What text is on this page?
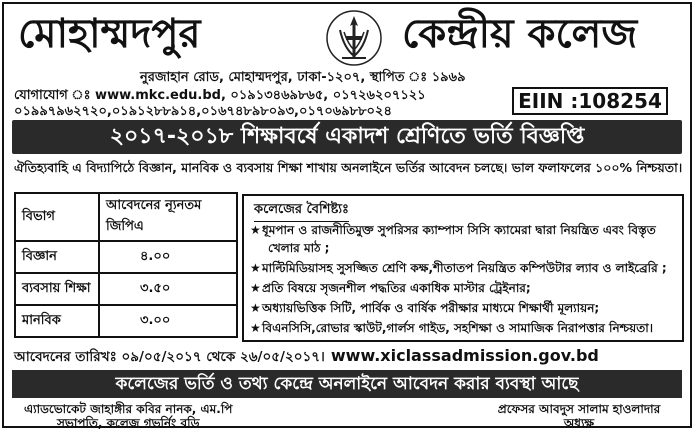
মোহাম্মদপুর	কেন্দ্রীয় কলেজ
নুরজাহান রোড, মোহাম্মদপুর, ঢাকা-১২০৭, স্থাপিত ঃ ১৯৬৯
যোগাযোগ ঃ www.mkc.edu.bd, ০১৯১৩৪৬৯৮৬৫, ০১৭২৬২০৭১২১
০১৯৯৭৯৬২৭২০,০১৯১২৮৮৯১৪,০১৬৭৪৮৯৮০৯৩,০১৭০৬৯৮৮০২৪	EIIN :108254
২০১৭-২০১৮ শিক্ষাবর্ষে একাদশ শ্রেণিতে ভর্তি বিজ্ঞপ্তি
ঐতিহ্যবাহি এ বিদ্যাপিঠে বিজ্ঞান, মানবিক ও ব্যবসায় শিক্ষা শাখায় অনলাইনে ভর্তির আবেদন চলছে। ভাল ফলাফলের ১০০% নিশ্চয়তা।
বিভাগ	আবেদনের ন্যূনতম জিপিএ
বিজ্ঞান	৪.০০
ব্যবসায় শিক্ষা	৩.৫০
মানবিক	৩.০০
কলেজের বৈশিষ্ট্যঃ
★ধূমপান ও রাজনীতিমুক্ত সুপরিসর ক্যাম্পাস সিসি ক্যামেরা দ্বারা নিয়ন্ত্রিত এবং বিস্তৃত
খেলার মাঠ ;
★মাল্টিমিডিয়াসহ সুসজ্জিত শ্রেণি কক্ষ,শীতাতপ নিয়ন্ত্রিত কম্পিউটার ল্যাব ও লাইব্রেরি ;
★প্রতি বিষয়ে সৃজনশীল পদ্ধতির একাধিক মাস্টার ট্রেইনার;
★অধ্যায়ভিত্তিক সিটি, পার্বিক ও বার্ষিক পরীক্ষার মাধ্যমে শিক্ষার্থী মূল্যায়ন;
★বিএনসিসি,রোভার স্কাউট,গার্লস গাইড, সহশিক্ষা ও সামাজিক নিরাপত্তার নিশ্চয়তা।
আবেদনের তারিখঃ ০৯/০৫/২০১৭ থেকে ২৬/০৫/২০১৭। www.xiclassadmission.gov.bd
কলেজের ভর্তি ও তথ্য কেন্দ্রে অনলাইনে আবেদন করার ব্যবস্থা আছে
এ্যাডভোকেট জাহাঙ্গীর কবির নানক, এম.পি
সভাপতি, কলেজ গভর্নিং বডি
প্রফেসর আবদুস সালাম হাওলাদার
অধ্যক্ষ
